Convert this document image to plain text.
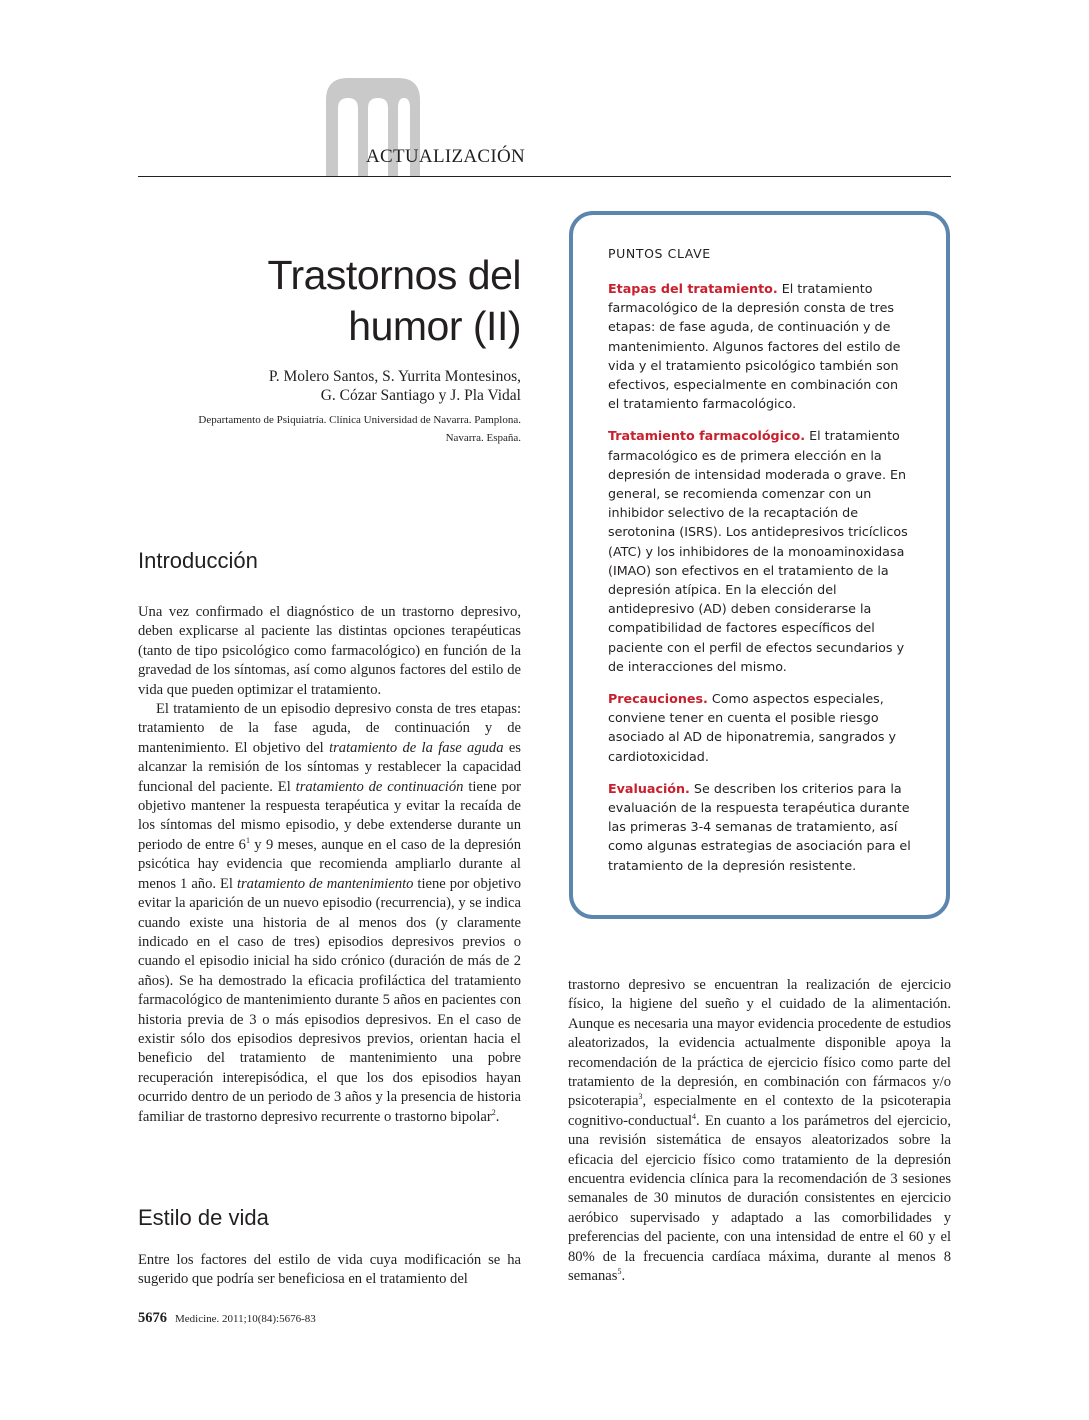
ACTUALIZACIÓN
Trastornos del
humor (II)
P. Molero Santos, S. Yurrita Montesinos,
G. Cózar Santiago y J. Pla Vidal
Departamento de Psiquiatría. Clínica Universidad de Navarra. Pamplona.
Navarra. España.
Introducción

Una vez confirmado el diagnóstico de un trastorno depresivo, deben explicarse al paciente las distintas opciones terapéuticas (tanto de tipo psicológico como farmacológico) en función de la gravedad de los síntomas, así como algunos factores del estilo de vida que pueden optimizar el tratamiento.

El tratamiento de un episodio depresivo consta de tres etapas: tratamiento de la fase aguda, de continuación y de mantenimiento. El objetivo del tratamiento de la fase aguda es alcanzar la remisión de los síntomas y restablecer la capacidad funcional del paciente. El tratamiento de continuación tiene por objetivo mantener la respuesta terapéutica y evitar la recaída de los síntomas del mismo episodio, y debe extenderse durante un periodo de entre $6^1$ y 9 meses, aunque en el caso de la depresión psicótica hay evidencia que recomienda ampliarlo durante al menos 1 año. El tratamiento de mantenimiento tiene por objetivo evitar la aparición de un nuevo episodio (recurrencia), y se indica cuando existe una historia de al menos dos (y claramente indicado en el caso de tres) episodios depresivos previos o cuando el episodio inicial ha sido crónico (duración de más de 2 años). Se ha demostrado la eficacia profiláctica del tratamiento farmacológico de mantenimiento durante 5 años en pacientes con historia previa de 3 o más episodios depresivos. En el caso de existir sólo dos episodios depresivos previos, orientan hacia el beneficio del tratamiento de mantenimiento una pobre recuperación interepisódica, el que los dos episodios hayan ocurrido dentro de un periodo de 3 años y la presencia de historia familiar de trastorno depresivo recurrente o trastorno bipolar$^2$.

Estilo de vida

Entre los factores del estilo de vida cuya modificación se ha sugerido que podría ser beneficiosa en el tratamiento del

PUNTOS CLAVE

Etapas del tratamiento. El tratamiento farmacológico de la depresión consta de tres etapas: de fase aguda, de continuación y de mantenimiento. Algunos factores del estilo de vida y el tratamiento psicológico también son efectivos, especialmente en combinación con el tratamiento farmacológico.

Tratamiento farmacológico. El tratamiento farmacológico es de primera elección en la depresión de intensidad moderada o grave. En general, se recomienda comenzar con un inhibidor selectivo de la recaptación de serotonina (ISRS). Los antidepresivos tricíclicos (ATC) y los inhibidores de la monoaminoxidasa (IMAO) son efectivos en el tratamiento de la depresión atípica. En la elección del antidepresivo (AD) deben considerarse la compatibilidad de factores específicos del paciente con el perfil de efectos secundarios y de interacciones del mismo.

Precauciones. Como aspectos especiales, conviene tener en cuenta el posible riesgo asociado al AD de hiponatremia, sangrados y cardiotoxicidad.

Evaluación. Se describen los criterios para la evaluación de la respuesta terapéutica durante las primeras 3-4 semanas de tratamiento, así como algunas estrategias de asociación para el tratamiento de la depresión resistente.

trastorno depresivo se encuentran la realización de ejercicio físico, la higiene del sueño y el cuidado de la alimentación. Aunque es necesaria una mayor evidencia procedente de estudios aleatorizados, la evidencia actualmente disponible apoya la recomendación de la práctica de ejercicio físico como parte del tratamiento de la depresión, en combinación con fármacos y/o psicoterapia$^3$, especialmente en el contexto de la psicoterapia cognitivo-conductual$^4$. En cuanto a los parámetros del ejercicio, una revisión sistemática de ensayos aleatorizados sobre la eficacia del ejercicio físico como tratamiento de la depresión encuentra evidencia clínica para la recomendación de 3 sesiones semanales de 30 minutos de duración consistentes en ejercicio aeróbico supervisado y adaptado a las comorbilidades y preferencias del paciente, con una intensidad de entre el 60 y el 80% de la frecuencia cardíaca máxima, durante al menos 8 semanas$^5$.

5676 Medicine. 2011;10(84):5676-83
